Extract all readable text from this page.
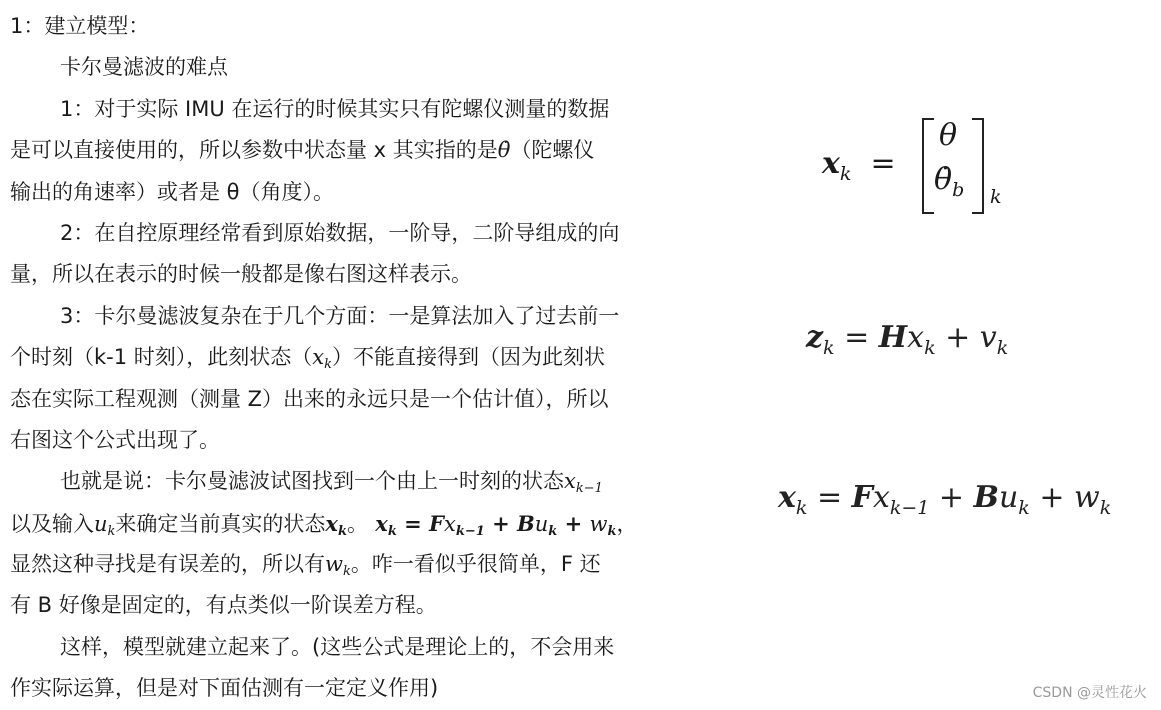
1：建立模型：
卡尔曼滤波的难点
1：对于实际 IMU 在运行的时候其实只有陀螺仪测量的数据
是可以直接使用的，所以参数中状态量 x 其实指的是θ̇（陀螺仪
输出的角速率）或者是 θ（角度）。
2：在自控原理经常看到原始数据，一阶导，二阶导组成的向
量，所以在表示的时候一般都是像右图这样表示。
3：卡尔曼滤波复杂在于几个方面：一是算法加入了过去前一
个时刻（k-1 时刻），此刻状态$(x_k)$不能直接得到（因为此刻状
态在实际工程观测（测量 Z）出来的永远只是一个估计值），所以
右图这个公式出现了。
也就是说：卡尔曼滤波试图找到一个由上一时刻的状态$x_{k-1}$
以及输入$u_k$来确定当前真实的状态$x_k$。 $x_k = Fx_{k-1} + Bu_k + w_k$，
显然这种寻找是有误差的，所以有$w_k$。咋一看似乎很简单，F 还
有 B 好像是固定的，有点类似一阶误差方程。
这样，模型就建立起来了。(这些公式是理论上的，不会用来
作实际运算，但是对下面估测有一定定义作用)
$x_k$  =
θ
$\thetȧ_b$ k
$z_k = Hx_k + v_k$
$x_k = Fx_{k-1} + Bu_k + w_k$
CSDN @灵性花火
